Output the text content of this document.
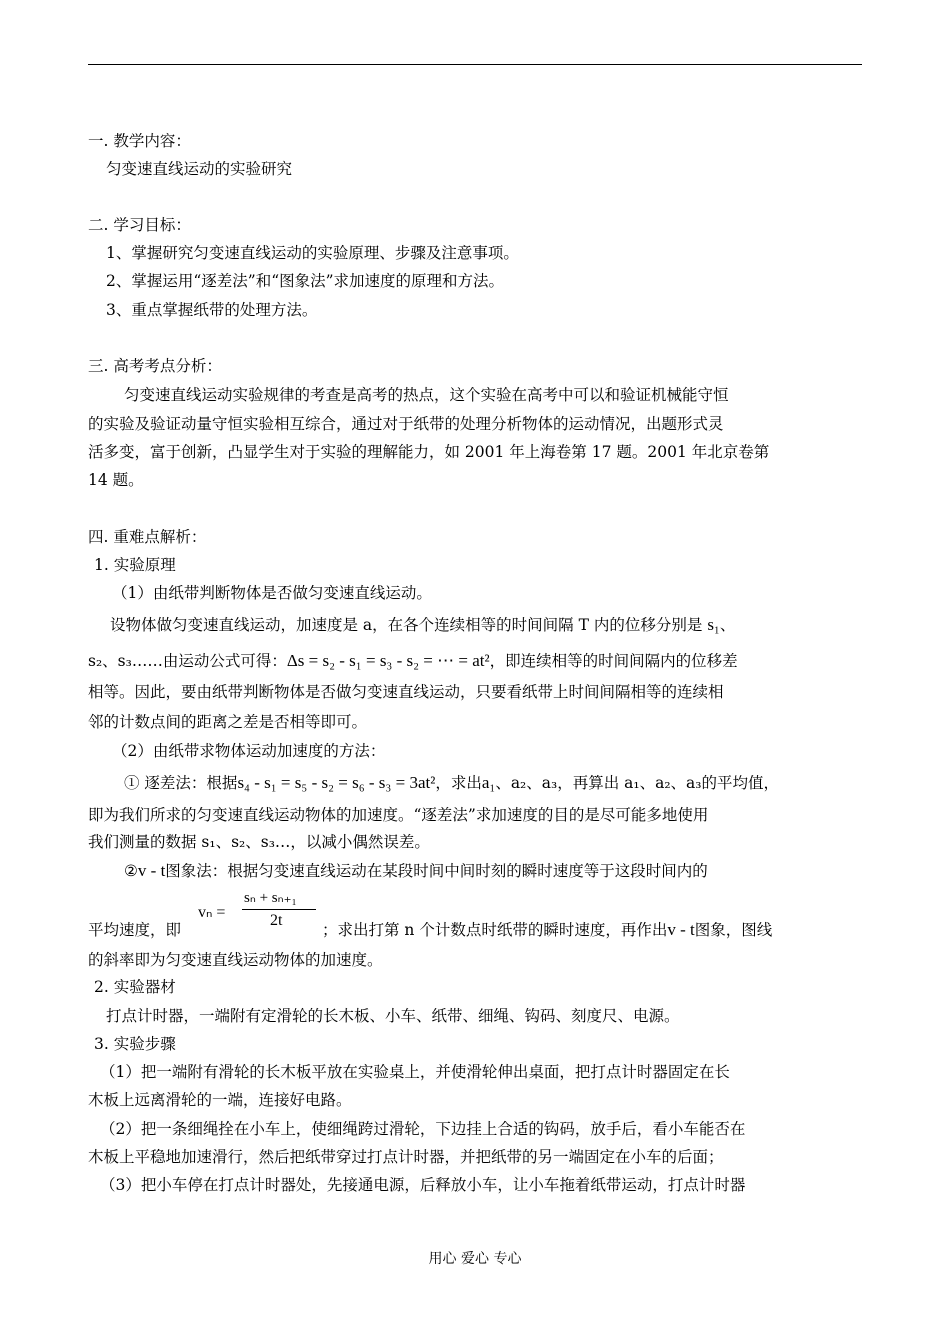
一. 教学内容：
匀变速直线运动的实验研究
二. 学习目标：
1、掌握研究匀变速直线运动的实验原理、步骤及注意事项。
2、掌握运用“逐差法”和“图象法”求加速度的原理和方法。
3、重点掌握纸带的处理方法。
三. 高考考点分析：
匀变速直线运动实验规律的考查是高考的热点，这个实验在高考中可以和验证机械能守恒
的实验及验证动量守恒实验相互综合，通过对于纸带的处理分析物体的运动情况，出题形式灵
活多变，富于创新，凸显学生对于实验的理解能力，如 2001 年上海卷第 17 题。2001 年北京卷第
14 题。
四. 重难点解析：
1. 实验原理
（1）由纸带判断物体是否做匀变速直线运动。
设物体做匀变速直线运动，加速度是 a，在各个连续相等的时间间隔 T 内的位移分别是 s₁、
s₂、s₃……由运动公式可得：Δs = s₂ - s₁ = s₃ - s₂ = ⋯ = at²，即连续相等的时间间隔内的位移差
相等。因此，要由纸带判断物体是否做匀变速直线运动，只要看纸带上时间间隔相等的连续相
邻的计数点间的距离之差是否相等即可。
（2）由纸带求物体运动加速度的方法：
① 逐差法：根据s₄ - s₁ = s₅ - s₂ = s₆ - s₃ = 3at²，求出a₁、a₂、a₃，再算出 a₁、a₂、a₃的平均值，
即为我们所求的匀变速直线运动物体的加速度。“逐差法”求加速度的目的是尽可能多地使用
我们测量的数据 s₁、s₂、s₃…，以减小偶然误差。
②v - t图象法：根据匀变速直线运动在某段时间中间时刻的瞬时速度等于这段时间内的
平均速度，即
vₙ =
sₙ + sₙ₊₁
2t
；求出打第 n 个计数点时纸带的瞬时速度，再作出v - t图象，图线
的斜率即为匀变速直线运动物体的加速度。
2. 实验器材
打点计时器，一端附有定滑轮的长木板、小车、纸带、细绳、钩码、刻度尺、电源。
3. 实验步骤
（1）把一端附有滑轮的长木板平放在实验桌上，并使滑轮伸出桌面，把打点计时器固定在长
木板上远离滑轮的一端，连接好电路。
（2）把一条细绳拴在小车上，使细绳跨过滑轮，下边挂上合适的钩码，放手后，看小车能否在
木板上平稳地加速滑行，然后把纸带穿过打点计时器，并把纸带的另一端固定在小车的后面；
（3）把小车停在打点计时器处，先接通电源，后释放小车，让小车拖着纸带运动，打点计时器
用心 爱心 专心
